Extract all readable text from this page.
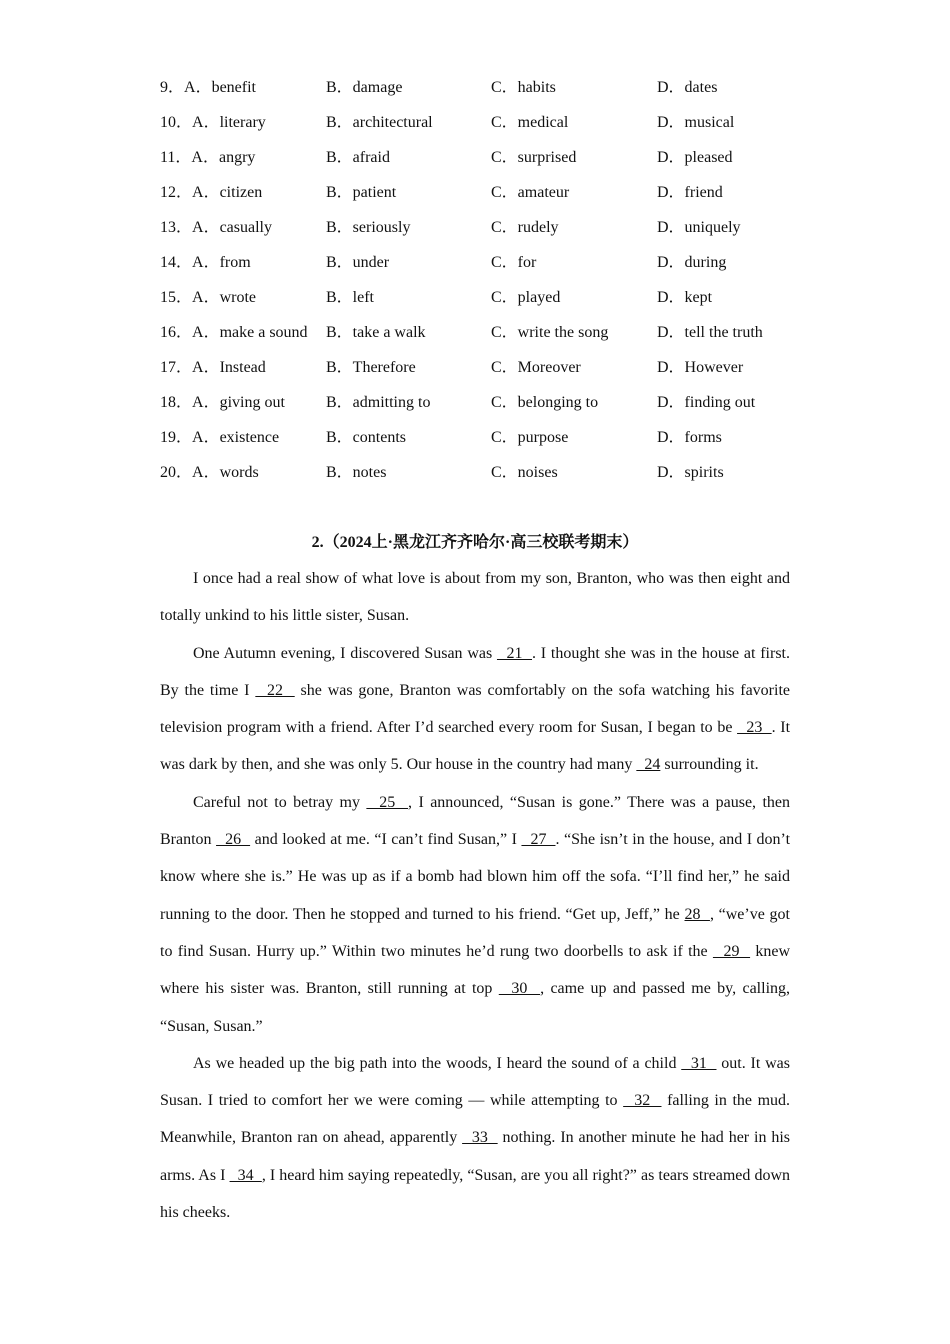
9．A．benefit	B．damage	C．habits	D．dates
10．A．literary	B．architectural	C．medical	D．musical
11．A．angry	B．afraid	C．surprised	D．pleased
12．A．citizen	B．patient	C．amateur	D．friend
13．A．casually	B．seriously	C．rudely	D．uniquely
14．A．from	B．under	C．for	D．during
15．A．wrote	B．left	C．played	D．kept
16．A．make a sound B．take a walk	C．write the song	D．tell the truth
17．A．Instead	B．Therefore	C．Moreover	D．However
18．A．giving out	B．admitting to	C．belonging to	D．finding out
19．A．existence	B．contents	C．purpose	D．forms
20．A．words	B．notes	C．noises	D．spirits
2.（2024上·黑龙江齐齐哈尔·高三校联考期末）

I once had a real show of what love is about from my son, Branton, who was then eight and totally unkind to his little sister, Susan.

One Autumn evening, I discovered Susan was   21  . I thought she was in the house at first. By the time I   22   she was gone, Branton was comfortably on the sofa watching his favorite television program with a friend. After I’d searched every room for Susan, I began to be   23  . It was dark by then, and she was only 5. Our house in the country had many   24 surrounding it.

Careful not to betray my   25  , I announced, “Susan is gone.” There was a pause, then Branton   26   and looked at me. “I can’t find Susan,” I   27  . “She isn’t in the house, and I don’t know where she is.” He was up as if a bomb had blown him off the sofa. “I’ll find her,” he said running to the door. Then he stopped and turned to his friend. “Get up, Jeff,” he 28  , “we’ve got to find Susan. Hurry up.” Within two minutes he’d rung two doorbells to ask if the   29   knew where his sister was. Branton, still running at top   30  , came up and passed me by, calling, “Susan, Susan.”

As we headed up the big path into the woods, I heard the sound of a child   31   out. It was Susan. I tried to comfort her we were coming — while attempting to   32   falling in the mud. Meanwhile, Branton ran on ahead, apparently   33   nothing. In another minute he had her in his arms. As I   34  , I heard him saying repeatedly, “Susan, are you all right?” as tears streamed down his cheeks.
